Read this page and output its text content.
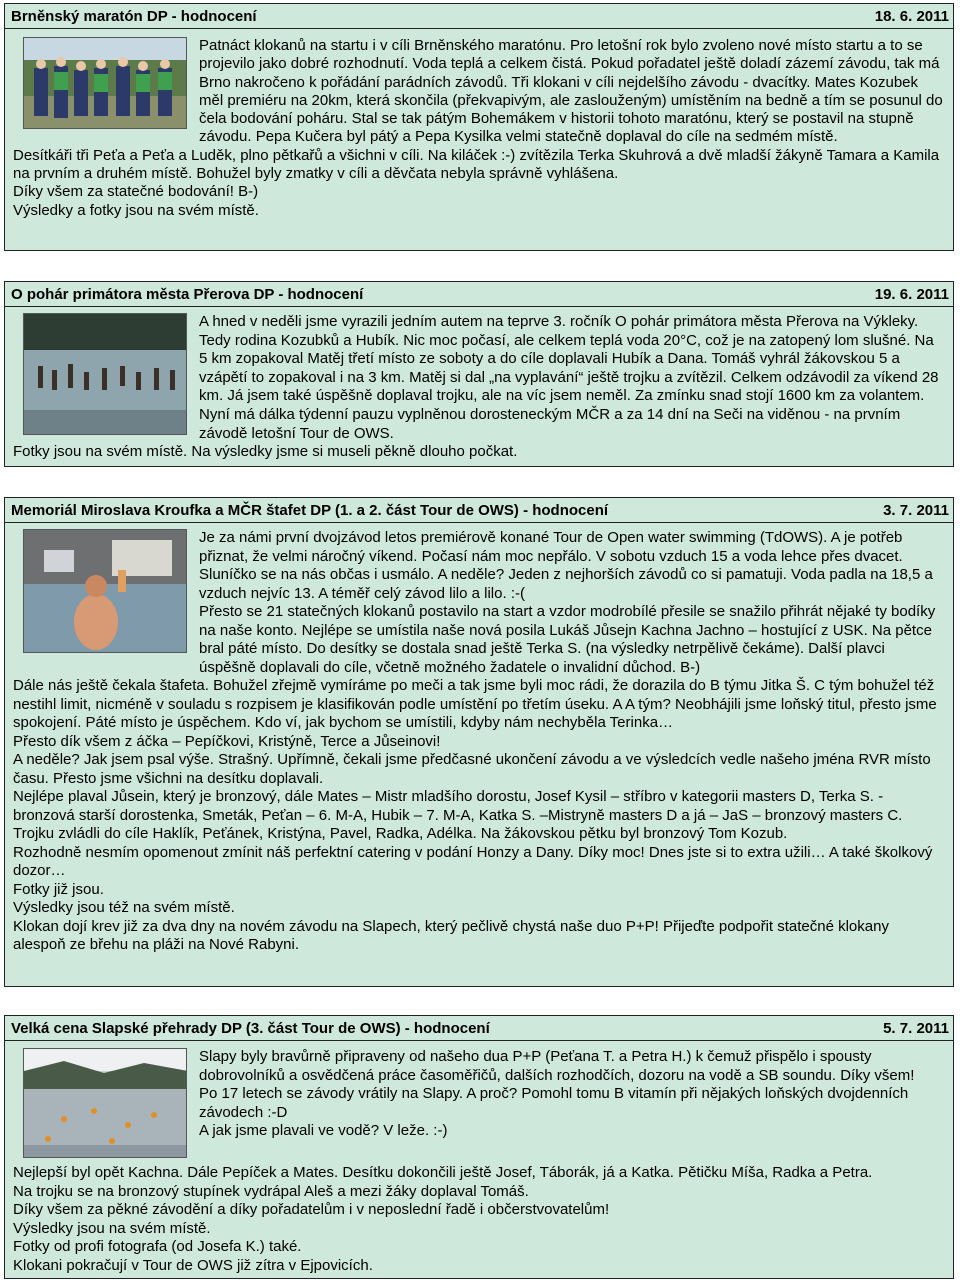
Brněnský maratón DP - hodnocení	18. 6. 2011

Patnáct klokanů na startu i v cíli Brněnského maratónu. Pro letošní rok bylo zvoleno nové místo startu a to se projevilo jako dobré rozhodnutí. Voda teplá a celkem čistá. Pokud pořadatel ještě doladí zázemí závodu, tak má Brno nakročeno k pořádání parádních závodů. Tři klokani v cíli nejdelšího závodu - dvacítky. Mates Kozubek měl premiéru na 20km, která skončila (překvapivým, ale zaslouženým) umístěním na bedně a tím se posunul do čela bodování poháru. Stal se tak pátým Bohemákem v historii tohoto maratónu, který se postavil na stupně závodu. Pepa Kučera byl pátý a Pepa Kysilka velmi statečně doplaval do cíle na sedmém místě.

Desítkáři tři Peťa a Peťa a Luděk, plno pětkařů a všichni v cíli. Na kiláček :-) zvítězila Terka Skuhrová a dvě mladší žákyně Tamara a Kamila na prvním a druhém místě. Bohužel byly zmatky v cíli a děvčata nebyla správně vyhlášena.

Díky všem za statečné bodování! B-)

Výsledky a fotky jsou na svém místě.

O pohár primátora města Přerova DP - hodnocení	19. 6. 2011

A hned v neděli jsme vyrazili jedním autem na teprve 3. ročník O pohár primátora města Přerova na Výkleky. Tedy rodina Kozubků a Hubík. Nic moc počasí, ale celkem teplá voda 20°C, což je na zatopený lom slušné. Na 5 km zopakoval Matěj třetí místo ze soboty a do cíle doplavali Hubík a Dana. Tomáš vyhrál žákovskou 5 a vzápětí to zopakoval i na 3 km. Matěj si dal „na vyplavání“ ještě trojku a zvítězil. Celkem odzávodil za víkend 28 km. Já jsem také úspěšně doplaval trojku, ale na víc jsem neměl. Za zmínku snad stojí 1600 km za volantem. Nyní má dálka týdenní pauzu vyplněnou dorosteneckým MČR a za 14 dní na Seči na viděnou - na prvním závodě letošní Tour de OWS.

Fotky jsou na svém místě. Na výsledky jsme si museli pěkně dlouho počkat.

Memoriál Miroslava Kroufka a MČR štafet DP (1. a 2. část Tour de OWS) - hodnocení	3. 7. 2011

Je za námi první dvojzávod letos premiérově konané Tour de Open water swimming (TdOWS). A je potřeb přiznat, že velmi náročný víkend. Počasí nám moc nepřálo. V sobotu vzduch 15 a voda lehce přes dvacet. Sluníčko se na nás občas i usmálo. A neděle? Jeden z nejhorších závodů co si pamatuji. Voda padla na 18,5 a vzduch nejvíc 13. A téměř celý závod lilo a lilo. :-(

Přesto se 21 statečných klokanů postavilo na start a vzdor modrobílé přesile se snažilo přihrát nějaké ty bodíky na naše konto. Nejlépe se umístila naše nová posila Lukáš Jůsejn Kachna Jachno – hostující z USK. Na pětce bral páté místo. Do desítky se dostala snad ještě Terka S. (na výsledky netrpělivě čekáme). Další plavci úspěšně doplavali do cíle, včetně možného žadatele o invalidní důchod. B-)

Dále nás ještě čekala štafeta. Bohužel zřejmě vymíráme po meči a tak jsme byli moc rádi, že dorazila do B týmu Jitka Š. C tým bohužel též nestihl limit, nicméně v souladu s rozpisem je klasifikován podle umístění po třetím úseku. A A tým? Neobhájili jsme loňský titul, přesto jsme spokojení. Páté místo je úspěchem. Kdo ví, jak bychom se umístili, kdyby nám nechyběla Terinka…

Přesto dík všem z áčka – Pepíčkovi, Kristýně, Terce a Jůseinovi!

A neděle? Jak jsem psal výše. Strašný. Upřímně, čekali jsme předčasné ukončení závodu a ve výsledcích vedle našeho jména RVR místo času. Přesto jsme všichni na desítku doplavali.

Nejlépe plaval Jůsein, který je bronzový, dále Mates – Mistr mladšího dorostu, Josef Kysil – stříbro v kategorii masters D, Terka S. - bronzová starší dorostenka, Smeták, Peťan – 6. M-A, Hubik – 7. M-A, Katka S. –Mistryně masters D a já – JaS – bronzový masters C.

Trojku zvládli do cíle Haklík, Peťánek, Kristýna, Pavel, Radka, Adélka. Na žákovskou pětku byl bronzový Tom Kozub.

Rozhodně nesmím opomenout zmínit náš perfektní catering v podání Honzy a Dany. Díky moc! Dnes jste si to extra užili… A také školkový dozor…

Fotky již jsou.

Výsledky jsou též na svém místě.

Klokan dojí krev již za dva dny na novém závodu na Slapech, který pečlivě chystá naše duo P+P! Přijeďte podpořit statečné klokany alespoň ze břehu na pláži na Nové Rabyni.

Velká cena Slapské přehrady DP (3. část Tour de OWS) - hodnocení	5. 7. 2011

Slapy byly bravůrně připraveny od našeho dua P+P (Peťana T. a Petra H.) k čemuž přispělo i spousty dobrovolníků a osvědčená práce časoměřičů, dalších rozhodčích, dozoru na vodě a SB soundu. Díky všem!

Po 17 letech se závody vrátily na Slapy. A proč? Pomohl tomu B vitamín při nějakých loňských dvojdenních závodech :-D

A jak jsme plavali ve vodě? V leže. :-)

Nejlepší byl opět Kachna. Dále Pepíček a Mates. Desítku dokončili ještě Josef, Táborák, já a Katka. Pětičku Míša, Radka a Petra.

Na trojku se na bronzový stupínek vydrápal Aleš a mezi žáky doplaval Tomáš.

Díky všem za pěkné závodění a díky pořadatelům i v neposlední řadě i občerstvovatelům!

Výsledky jsou na svém místě.

Fotky od profi fotografa (od Josefa K.) také.

Klokani pokračují v Tour de OWS již zítra v Ejpovicích.
